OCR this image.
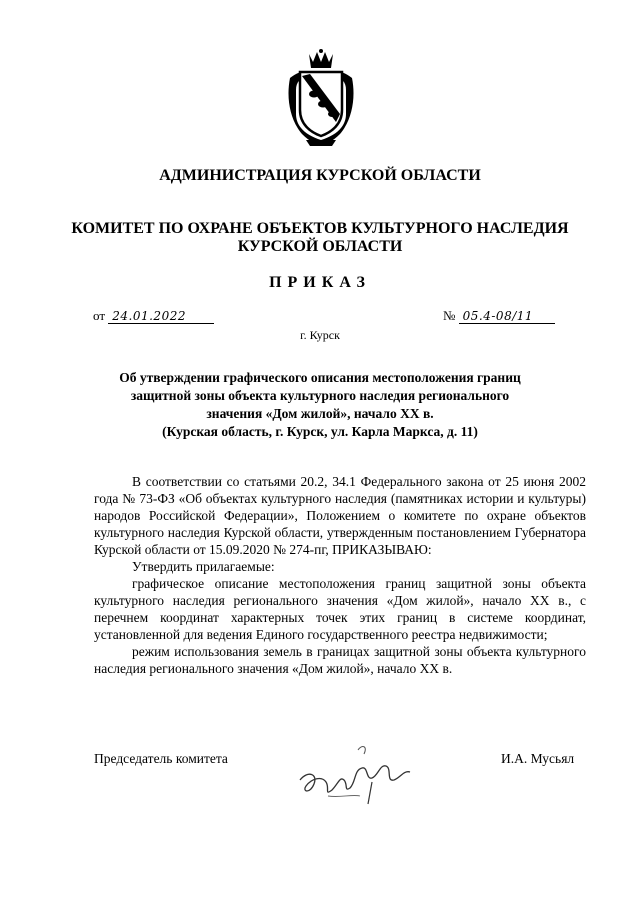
АДМИНИСТРАЦИЯ КУРСКОЙ ОБЛАСТИ
КОМИТЕТ ПО ОХРАНЕ ОБЪЕКТОВ КУЛЬТУРНОГО НАСЛЕДИЯ
КУРСКОЙ ОБЛАСТИ
ПРИКАЗ
от 24.01.2022	№ 05.4-08/11
г. Курск
Об утверждении графического описания местоположения границ
защитной зоны объекта культурного наследия регионального
значения «Дом жилой», начало XX в.
(Курская область, г. Курск, ул. Карла Маркса, д. 11)

В соответствии со статьями 20.2, 34.1 Федерального закона от 25 июня 2002 года № 73-ФЗ «Об объектах культурного наследия (памятниках истории и культуры) народов Российской Федерации», Положением о комитете по охране объектов культурного наследия Курской области, утвержденным постановлением Губернатора Курской области от 15.09.2020 № 274-пг, ПРИКАЗЫВАЮ:

Утвердить прилагаемые:

графическое описание местоположения границ защитной зоны объекта культурного наследия регионального значения «Дом жилой», начало XX в., с перечнем координат характерных точек этих границ в системе координат, установленной для ведения Единого государственного реестра недвижимости;

режим использования земель в границах защитной зоны объекта культурного наследия регионального значения «Дом жилой», начало XX в.

Председатель комитета	И.А. Мусьял
